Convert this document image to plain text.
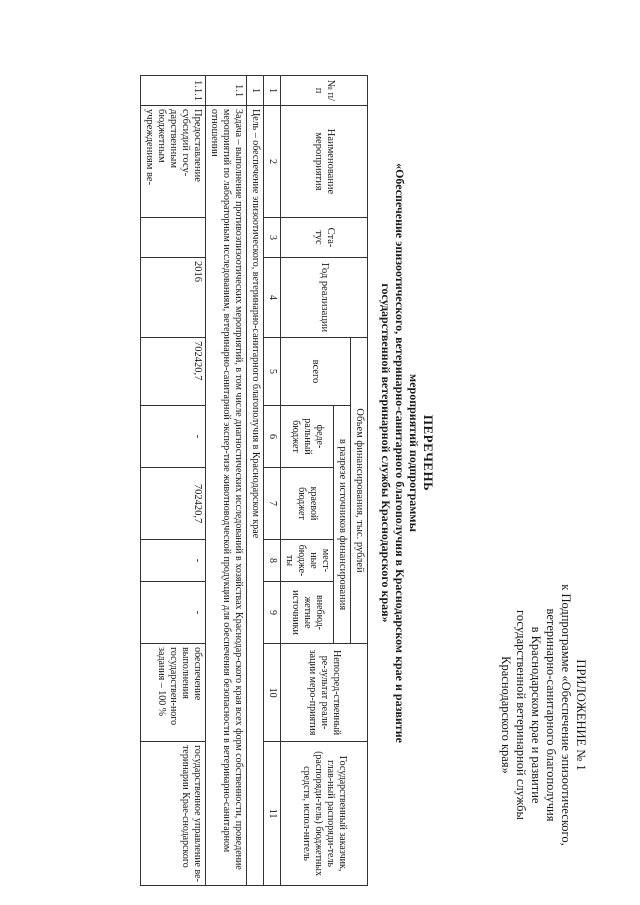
ПРИЛОЖЕНИЕ № 1
к Подпрограмме «Обеспечение эпизоотического,
ветеринарно-санитарного благополучия
в Краснодарском крае и развитие
государственной ветеринарной службы
Краснодарского края»
ПЕРЕЧЕНЬ
мероприятий подпрограммы
«Обеспечение эпизоотического, ветеринарно-санитарного благополучия в Краснодарском крае и развитие
государственной ветеринарной службы Краснодарского края»
№ п/п	Наименование мероприятия	Ста-тус	Год реализации	Объем финансирования, тыс. рублей					Непосред-ственный ре-зультат реали-зации меро-приятия	Государственный заказчик, глав-ный распоряди-тель (распоряди-тель) бюджетных средств, испол-нитель
				всего	в разрезе источников финансирования					
					феде-ральный бюджет	краевой бюджет	мест-ные бюдже-ты	внебюд-жетные источники		
1	2	3	4	5	6	7	8	9	10	11
1	Цель – обеспечение эпизоотического, ветеринарно-санитарного благополучия в Краснодарском крае									
1.1	Задача – выполнение противоэпизоотических мероприятий, в том числе диагностических исследований в хозяйствах Краснодар-ского края всех форм собственности, проведение мероприятий по лабораторным исследованиям, ветеринарно-санитарной экспер-тизе животноводческой продукции для обеспечения безопасности в ветеринарно-санитарном отношении									
1.1.1	Предоставление субсидий госу-дарственным бюджетным учреждениям ве-		2016	702420,7	-	702420,7	-	-	обеспечение выполнения государствен-ного задания – 100 %	государственное управление ве-теринарии Крае-снодарского
